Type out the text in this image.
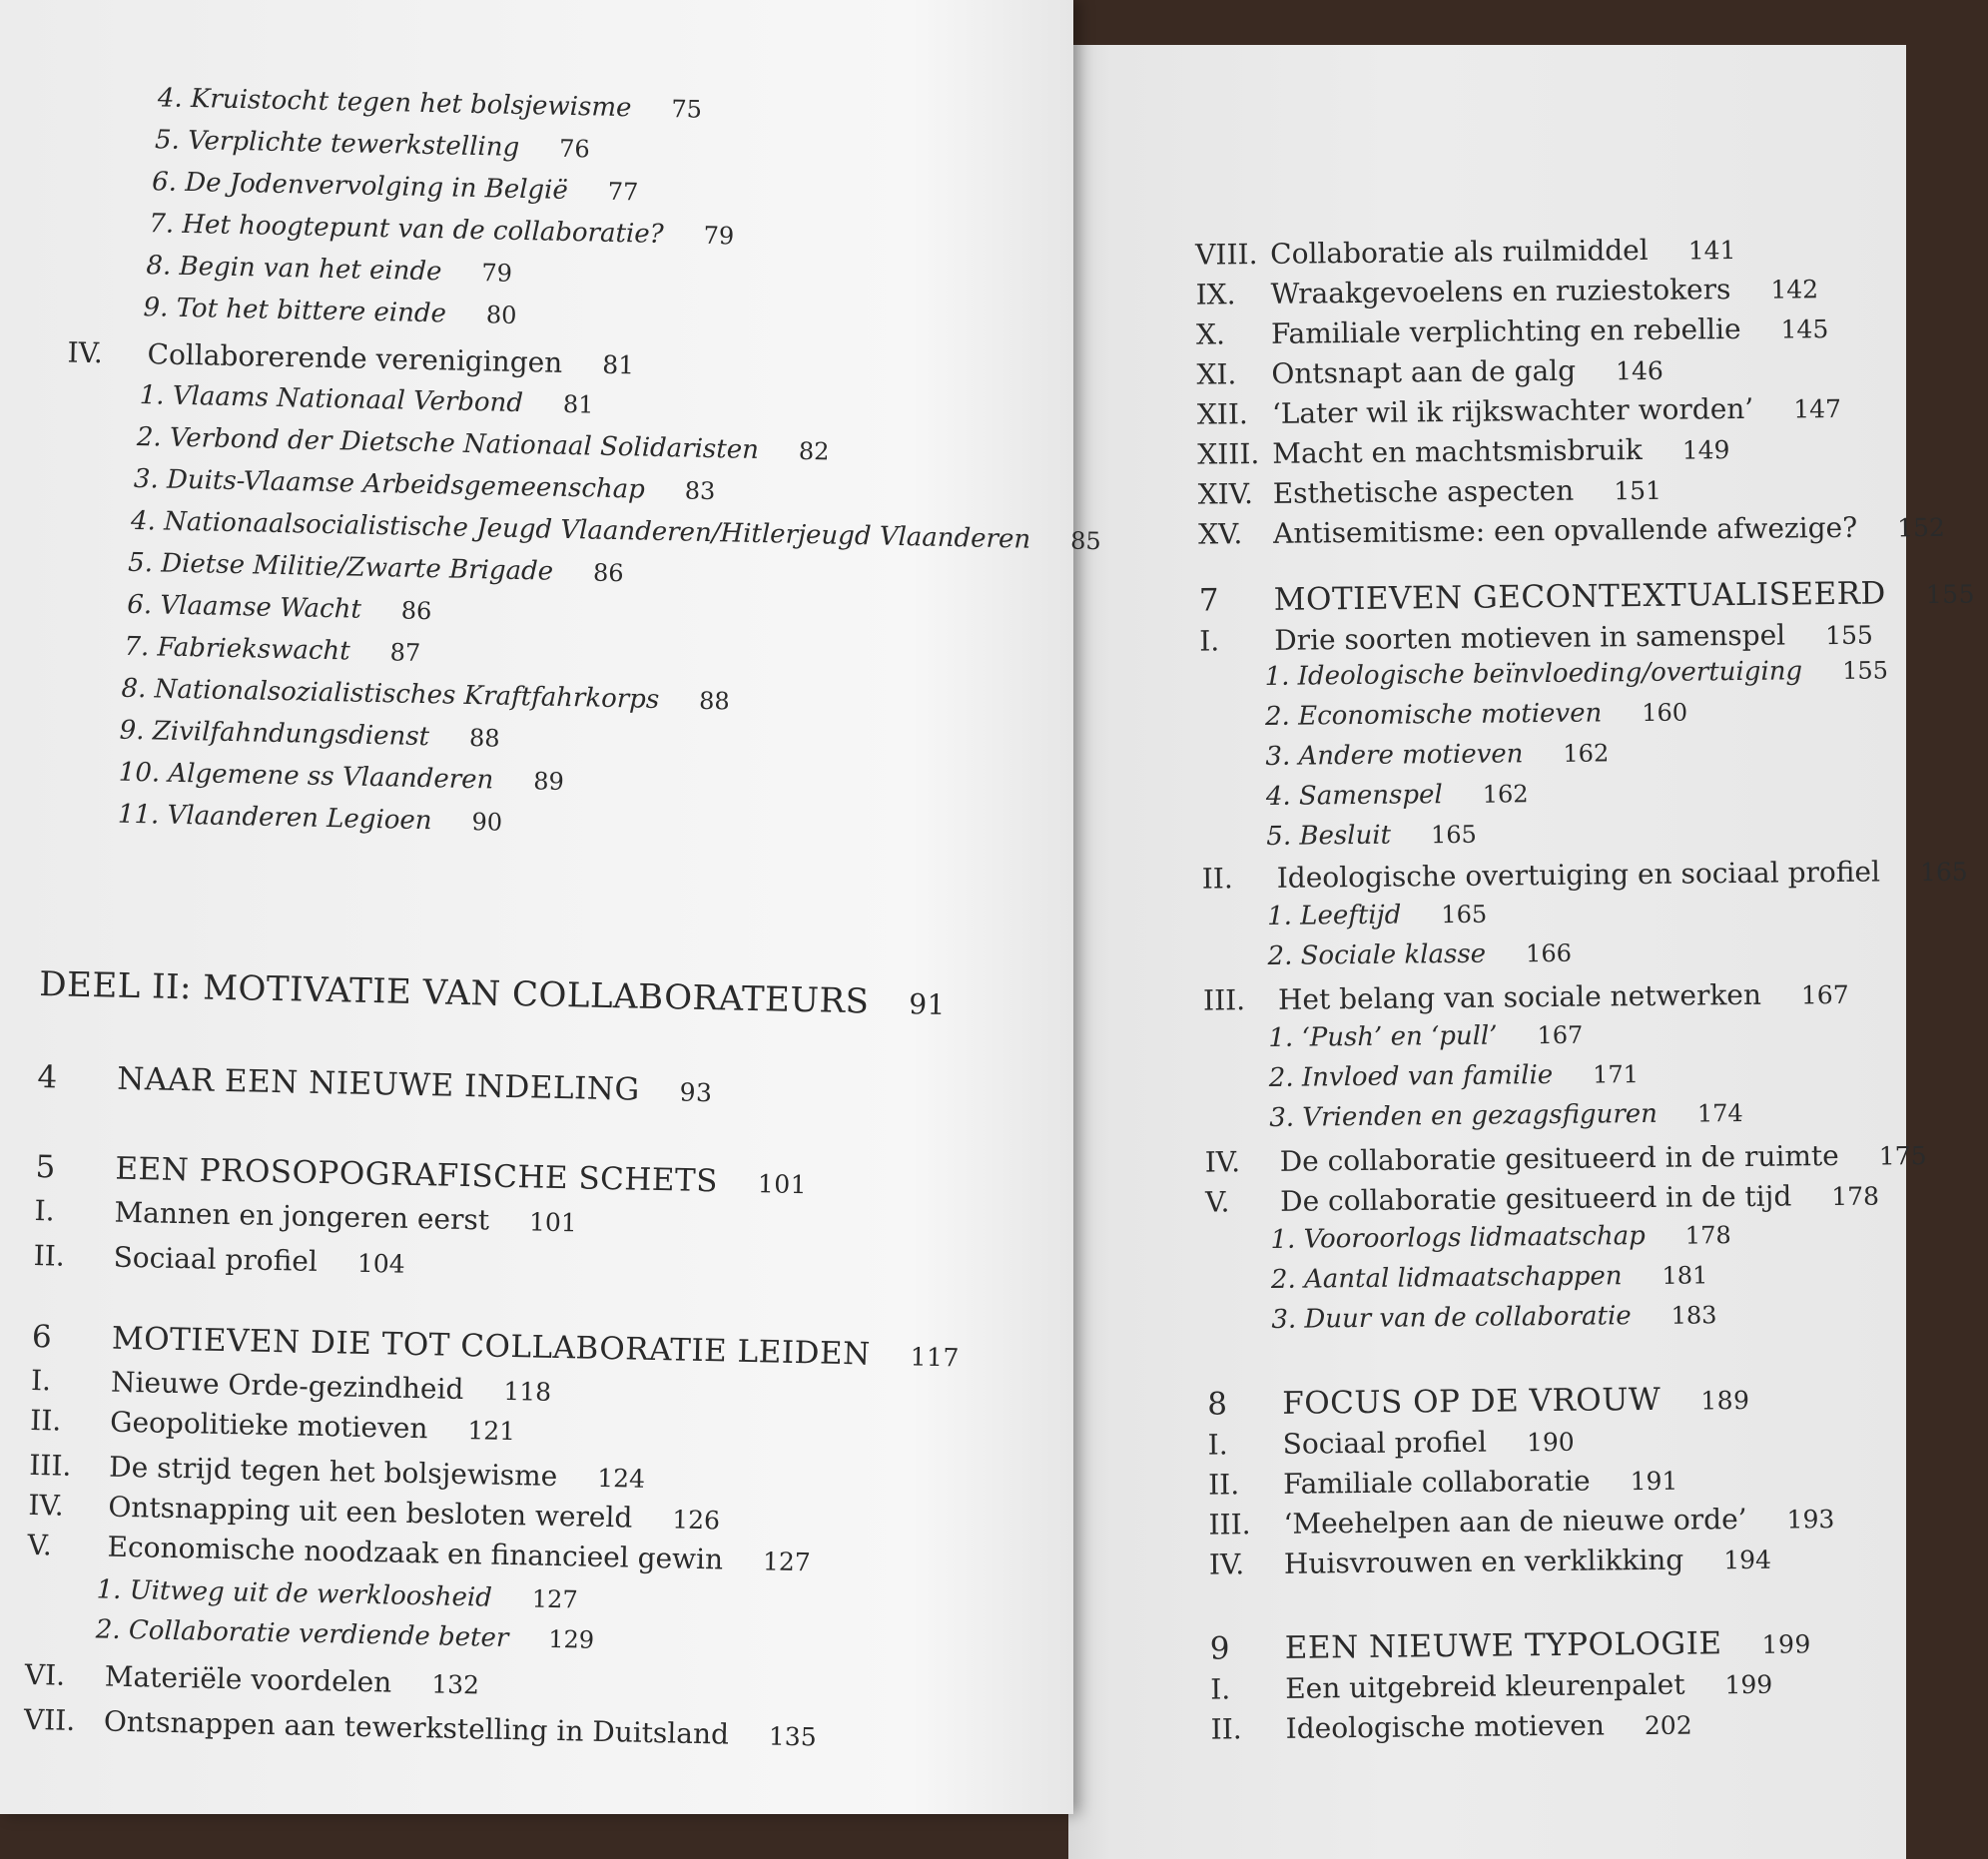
4. Kruistocht tegen het bolsjewisme 75
5. Verplichte tewerkstelling 76
6. De Jodenvervolging in België 77
7. Het hoogtepunt van de collaboratie? 79
8. Begin van het einde 79
9. Tot het bittere einde 80
IV.	Collaborerende verenigingen 81
1. Vlaams Nationaal Verbond 81
2. Verbond der Dietsche Nationaal Solidaristen 82
3. Duits-Vlaamse Arbeidsgemeenschap 83
4. Nationaalsocialistische Jeugd Vlaanderen/Hitlerjeugd Vlaanderen 85
5. Dietse Militie/Zwarte Brigade 86
6. Vlaamse Wacht 86
7. Fabriekswacht 87
8. Nationalsozialistisches Kraftfahrkorps 88
9. Zivilfahndungsdienst 88
10. Algemene ss Vlaanderen 89
11. Vlaanderen Legioen 90
DEEL II: MOTIVATIE VAN COLLABORATEURS 91
4	NAAR EEN NIEUWE INDELING 93
5	EEN PROSOPOGRAFISCHE SCHETS 101
I.	Mannen en jongeren eerst 101
II.	Sociaal profiel 104
6	MOTIEVEN DIE TOT COLLABORATIE LEIDEN 117
I.	Nieuwe Orde-gezindheid 118
II.	Geopolitieke motieven 121
III.	De strijd tegen het bolsjewisme 124
IV.	Ontsnapping uit een besloten wereld 126
V.	Economische noodzaak en financieel gewin 127
1. Uitweg uit de werkloosheid 127
2. Collaboratie verdiende beter 129
VI.	Materiële voordelen 132
VII.	Ontsnappen aan tewerkstelling in Duitsland 135
VIII. Collaboratie als ruilmiddel 141
IX.	Wraakgevoelens en ruziestokers 142
X.	Familiale verplichting en rebellie 145
XI.	Ontsnapt aan de galg 146
XII. ‘Later wil ik rijkswachter worden’ 147
XIII. Macht en machtsmisbruik 149
XIV. Esthetische aspecten 151
XV.	Antisemitisme: een opvallende afwezige? 152
7	MOTIEVEN GECONTEXTUALISEERD 155
I.	Drie soorten motieven in samenspel 155
1. Ideologische beïnvloeding/overtuiging 155
2. Economische motieven 160
3. Andere motieven 162
4. Samenspel 162
5. Besluit 165
II.	Ideologische overtuiging en sociaal profiel 165
1. Leeftijd 165
2. Sociale klasse 166
III.	Het belang van sociale netwerken 167
1. ‘Push’ en ‘pull’ 167
2. Invloed van familie 171
3. Vrienden en gezagsfiguren 174
IV.	De collaboratie gesitueerd in de ruimte 175
V.	De collaboratie gesitueerd in de tijd 178
1. Vooroorlogs lidmaatschap 178
2. Aantal lidmaatschappen 181
3. Duur van de collaboratie 183
8	FOCUS OP DE VROUW 189
I.	Sociaal profiel 190
II.	Familiale collaboratie 191
III.	‘Meehelpen aan de nieuwe orde’ 193
IV.	Huisvrouwen en verklikking 194
9	EEN NIEUWE TYPOLOGIE 199
I.	Een uitgebreid kleurenpalet 199
II.	Ideologische motieven 202
